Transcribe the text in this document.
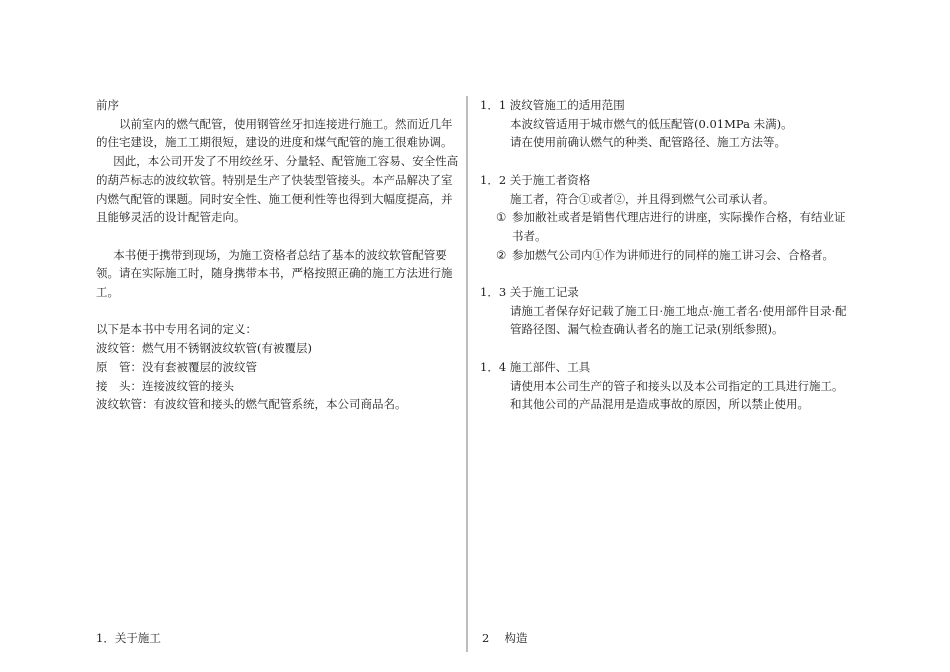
前序

以前室内的燃气配管，使用钢管丝牙扣连接进行施工。然而近几年的住宅建设，施工工期很短，建设的进度和煤气配管的施工很难协调。

因此，本公司开发了不用绞丝牙、分量轻、配管施工容易、安全性高的葫芦标志的波纹软管。特别是生产了快装型管接头。本产品解决了室内燃气配管的课题。同时安全性、施工便利性等也得到大幅度提高，并且能够灵活的设计配管走向。

本书便于携带到现场，为施工资格者总结了基本的波纹软管配管要领。请在实际施工时，随身携带本书，严格按照正确的施工方法进行施工。

以下是本书中专用名词的定义：

波纹管：燃气用不锈钢波纹软管(有被覆层)

原　管：没有套被覆层的波纹管

接　头：连接波纹管的接头

波纹软管：有波纹管和接头的燃气配管系统，本公司商品名。

1．1 波纹管施工的适用范围

本波纹管适用于城市燃气的低压配管(0.01MPa 未满)。

请在使用前确认燃气的种类、配管路径、施工方法等。

1．2 关于施工者资格

施工者，符合①或者②，并且得到燃气公司承认者。

① 参加敝社或者是销售代理店进行的讲座，实际操作合格，有结业证书者。
② 参加燃气公司内①作为讲师进行的同样的施工讲习会、合格者。

1．3 关于施工记录

请施工者保存好记载了施工日·施工地点·施工者名·使用部件目录·配管路径图、漏气检查确认者名的施工记录(别纸参照)。

1．4 施工部件、工具

请使用本公司生产的管子和接头以及本公司指定的工具进行施工。

和其他公司的产品混用是造成事故的原因，所以禁止使用。

1．关于施工	2　 构造
